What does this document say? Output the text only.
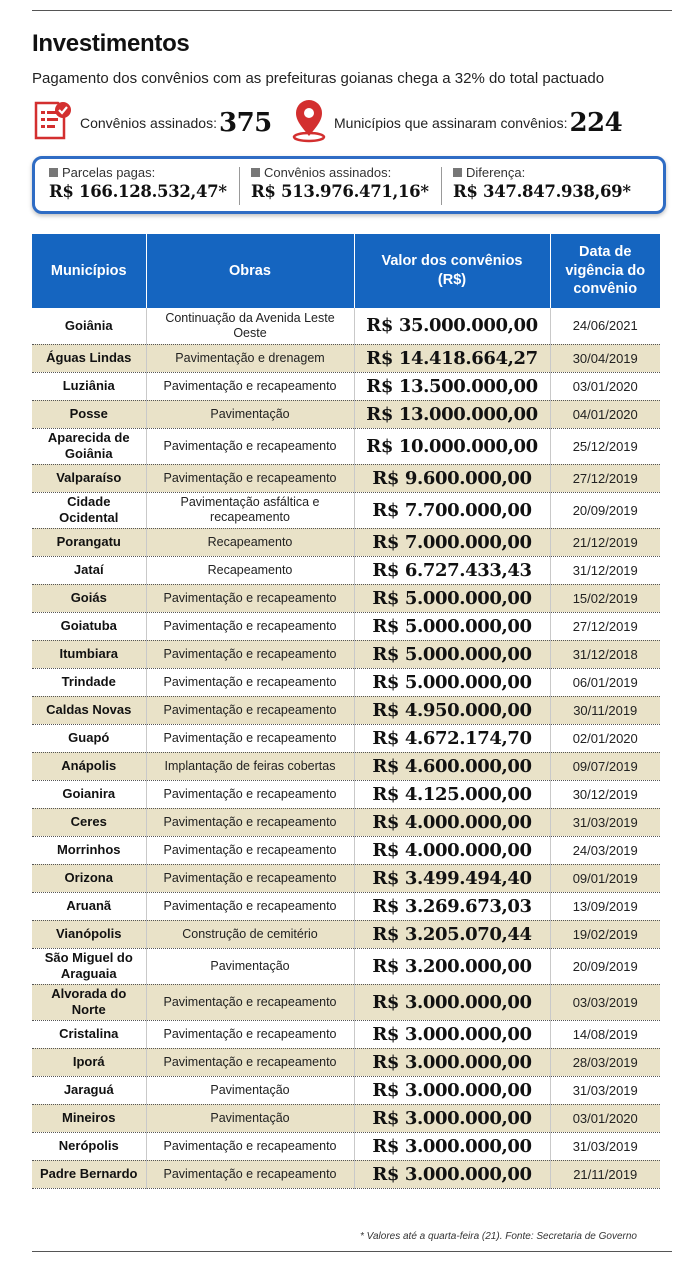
Investimentos

Pagamento dos convênios com as prefeituras goianas chega a 32% do total pactuado

Convênios assinados: 375	Municípios que assinaram convênios: 224
Parcelas pagas:
R$ 166.128.532,47*
Convênios assinados:
R$ 513.976.471,16*
Diferença:
R$ 347.847.938,69*
Municípios	Obras	Valor dos convênios (R$)	Data de vigência do convênio
Goiânia	Continuação da Avenida Leste Oeste	R$ 35.000.000,00	24/06/2021
Águas Lindas	Pavimentação e drenagem	R$ 14.418.664,27	30/04/2019
Luziânia	Pavimentação e recapeamento	R$ 13.500.000,00	03/01/2020
Posse	Pavimentação	R$ 13.000.000,00	04/01/2020
Aparecida de Goiânia	Pavimentação e recapeamento	R$ 10.000.000,00	25/12/2019
Valparaíso	Pavimentação e recapeamento	R$ 9.600.000,00	27/12/2019
Cidade Ocidental	Pavimentação asfáltica e recapeamento	R$ 7.700.000,00	20/09/2019
Porangatu	Recapeamento	R$ 7.000.000,00	21/12/2019
Jataí	Recapeamento	R$ 6.727.433,43	31/12/2019
Goiás	Pavimentação e recapeamento	R$ 5.000.000,00	15/02/2019
Goiatuba	Pavimentação e recapeamento	R$ 5.000.000,00	27/12/2019
Itumbiara	Pavimentação e recapeamento	R$ 5.000.000,00	31/12/2018
Trindade	Pavimentação e recapeamento	R$ 5.000.000,00	06/01/2019
Caldas Novas	Pavimentação e recapeamento	R$ 4.950.000,00	30/11/2019
Guapó	Pavimentação e recapeamento	R$ 4.672.174,70	02/01/2020
Anápolis	Implantação de feiras cobertas	R$ 4.600.000,00	09/07/2019
Goianira	Pavimentação e recapeamento	R$ 4.125.000,00	30/12/2019
Ceres	Pavimentação e recapeamento	R$ 4.000.000,00	31/03/2019
Morrinhos	Pavimentação e recapeamento	R$ 4.000.000,00	24/03/2019
Orizona	Pavimentação e recapeamento	R$ 3.499.494,40	09/01/2019
Aruanã	Pavimentação e recapeamento	R$ 3.269.673,03	13/09/2019
Vianópolis	Construção de cemitério	R$ 3.205.070,44	19/02/2019
São Miguel do Araguaia	Pavimentação	R$ 3.200.000,00	20/09/2019
Alvorada do Norte	Pavimentação e recapeamento	R$ 3.000.000,00	03/03/2019
Cristalina	Pavimentação e recapeamento	R$ 3.000.000,00	14/08/2019
Iporá	Pavimentação e recapeamento	R$ 3.000.000,00	28/03/2019
Jaraguá	Pavimentação	R$ 3.000.000,00	31/03/2019
Mineiros	Pavimentação	R$ 3.000.000,00	03/01/2020
Nerópolis	Pavimentação e recapeamento	R$ 3.000.000,00	31/03/2019
Padre Bernardo	Pavimentação e recapeamento	R$ 3.000.000,00	21/11/2019
* Valores até a quarta-feira (21). Fonte: Secretaria de Governo
